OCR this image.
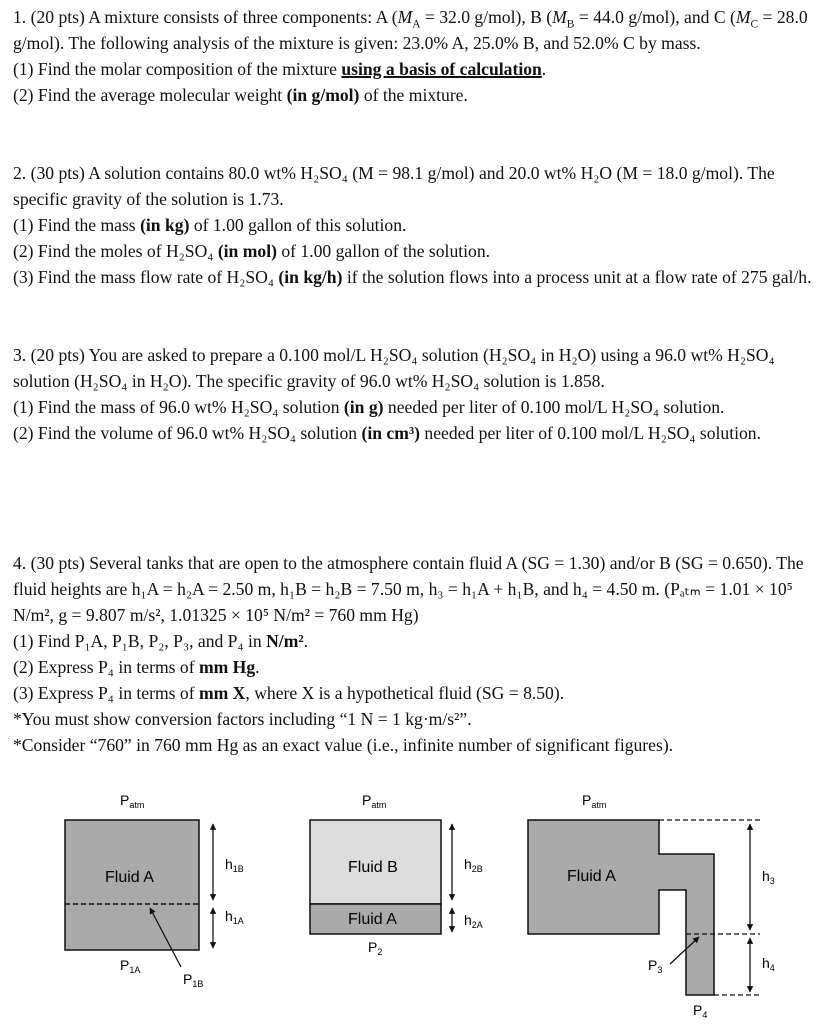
1. (20 pts) A mixture consists of three components: A ($M_A = 32.0$ g/mol), B ($M_B = 44.0$ g/mol), and C ($M_C = 28.0$ g/mol). The following analysis of the mixture is given: 23.0% A, 25.0% B, and 52.0% C by mass.

(1) Find the molar composition of the mixture using a basis of calculation.

(2) Find the average molecular weight (in g/mol) of the mixture.

2. (30 pts) A solution contains 80.0 wt% H₂SO₄ (M = 98.1 g/mol) and 20.0 wt% H₂O (M = 18.0 g/mol). The specific gravity of the solution is 1.73.

(1) Find the mass (in kg) of 1.00 gallon of this solution.

(2) Find the moles of H₂SO₄ (in mol) of 1.00 gallon of the solution.

(3) Find the mass flow rate of H₂SO₄ (in kg/h) if the solution flows into a process unit at a flow rate of 275 gal/h.

3. (20 pts) You are asked to prepare a 0.100 mol/L H₂SO₄ solution (H₂SO₄ in H₂O) using a 96.0 wt% H₂SO₄ solution (H₂SO₄ in H₂O). The specific gravity of 96.0 wt% H₂SO₄ solution is 1.858.

(1) Find the mass of 96.0 wt% H₂SO₄ solution (in g) needed per liter of 0.100 mol/L H₂SO₄ solution.

(2) Find the volume of 96.0 wt% H₂SO₄ solution (in cm³) needed per liter of 0.100 mol/L H₂SO₄ solution.

4. (30 pts) Several tanks that are open to the atmosphere contain fluid A (SG = 1.30) and/or B (SG = 0.650). The fluid heights are h₁A = h₂A = 2.50 m, h₁B = h₂B = 7.50 m, h₃ = h₁A + h₁B, and h₄ = 4.50 m. (Pₐₜₘ = 1.01 × 10⁵ N/m², g = 9.807 m/s², 1.01325 × 10⁵ N/m² = 760 mm Hg)

(1) Find P₁A, P₁B, P₂, P₃, and P₄ in N/m².

(2) Express P₄ in terms of mm Hg.

(3) Express P₄ in terms of mm X, where X is a hypothetical fluid (SG = 8.50).

*You must show conversion factors including “1 N = 1 kg·m/s²”.

*Consider “760” in 760 mm Hg as an exact value (i.e., infinite number of significant figures).

$P_{atm}$
Fluid A
$h_{1B}$
$h_{1A}$
$P_{1A}$
$P_{1B}$
$P_{atm}$
Fluid B
Fluid A
$h_{2B}$
$h_{2A}$
$P_2$
$P_{atm}$
Fluid A	$h_3$
$h_4$
$P_3$
$P_4$
